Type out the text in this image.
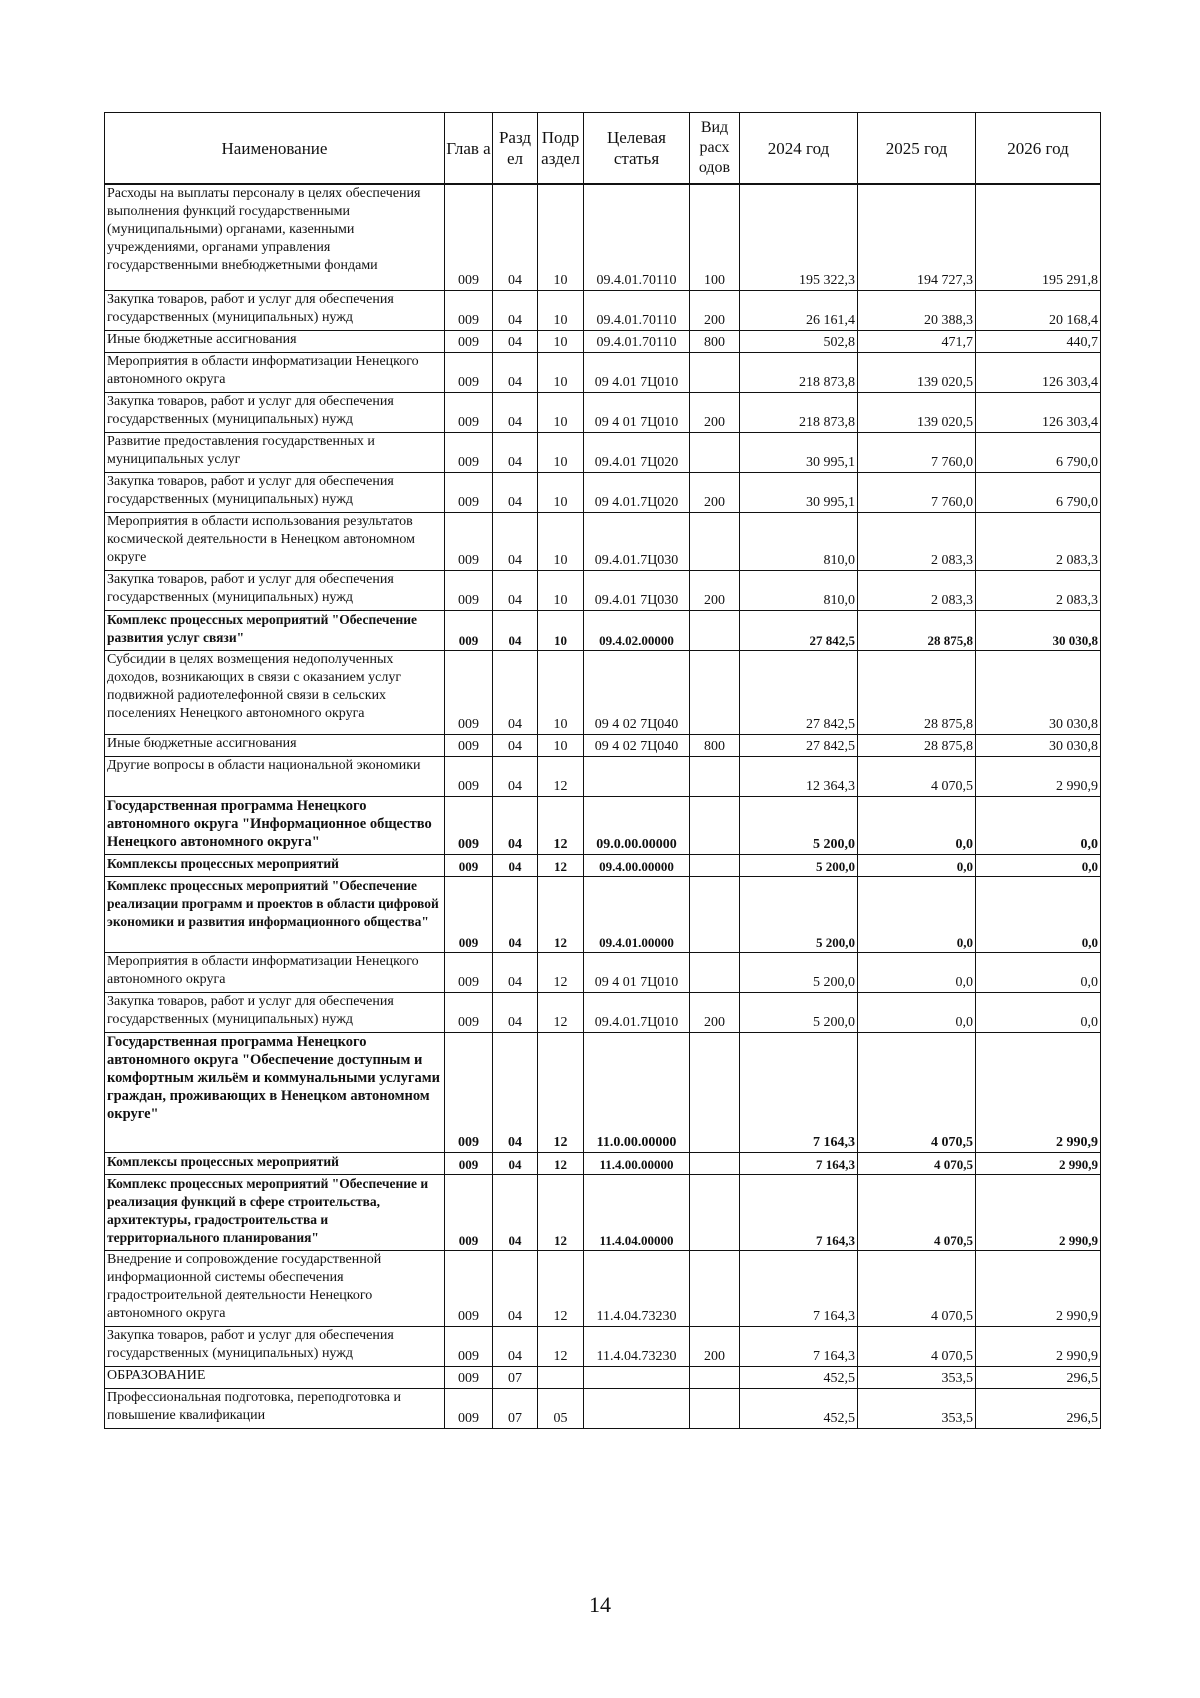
Наименование	Глав а	Разд ел	Подр аздел	Целевая статья	Вид расх одов	2024 год	2025 год	2026 год
Расходы на выплаты персоналу в целях обеспечения выполнения функций государственными (муниципальными) органами, казенными учреждениями, органами управления государственными внебюджетными фондами	009	04	10	09.4.01.70110	100	195 322,3	194 727,3	195 291,8
Закупка товаров, работ и услуг для обеспечения государственных (муниципальных) нужд	009	04	10	09.4.01.70110	200	26 161,4	20 388,3	20 168,4
Иные бюджетные ассигнования	009	04	10	09.4.01.70110	800	502,8	471,7	440,7
Мероприятия в области информатизации Ненецкого автономного округа	009	04	10	09 4.01 7Ц010		218 873,8	139 020,5	126 303,4
Закупка товаров, работ и услуг для обеспечения государственных (муниципальных) нужд	009	04	10	09 4 01 7Ц010	200	218 873,8	139 020,5	126 303,4
Развитие предоставления государственных и муниципальных услуг	009	04	10	09.4.01 7Ц020		30 995,1	7 760,0	6 790,0
Закупка товаров, работ и услуг для обеспечения государственных (муниципальных) нужд	009	04	10	09 4.01.7Ц020	200	30 995,1	7 760,0	6 790,0
Мероприятия в области использования результатов космической деятельности в Ненецком автономном округе	009	04	10	09.4.01.7Ц030		810,0	2 083,3	2 083,3
Закупка товаров, работ и услуг для обеспечения государственных (муниципальных) нужд	009	04	10	09.4.01 7Ц030	200	810,0	2 083,3	2 083,3
Комплекс процессных мероприятий "Обеспечение развития услуг связи"	009	04	10	09.4.02.00000		27 842,5	28 875,8	30 030,8
Субсидии в целях возмещения недополученных доходов, возникающих в связи с оказанием услуг подвижной радиотелефонной связи в сельских поселениях Ненецкого автономного округа	009	04	10	09 4 02 7Ц040		27 842,5	28 875,8	30 030,8
Иные бюджетные ассигнования	009	04	10	09 4 02 7Ц040	800	27 842,5	28 875,8	30 030,8
Другие вопросы в области национальной экономики	009	04	12			12 364,3	4 070,5	2 990,9
Государственная программа Ненецкого автономного округа "Информационное общество Ненецкого автономного округа"	009	04	12	09.0.00.00000		5 200,0	0,0	0,0
Комплексы процессных мероприятий	009	04	12	09.4.00.00000		5 200,0	0,0	0,0
Комплекс процессных мероприятий "Обеспечение реализации программ и проектов в области цифровой экономики и развития информационного общества"	009	04	12	09.4.01.00000		5 200,0	0,0	0,0
Мероприятия в области информатизации Ненецкого автономного округа	009	04	12	09 4 01 7Ц010		5 200,0	0,0	0,0
Закупка товаров, работ и услуг для обеспечения государственных (муниципальных) нужд	009	04	12	09.4.01.7Ц010	200	5 200,0	0,0	0,0
Государственная программа Ненецкого автономного округа "Обеспечение доступным и комфортным жильём и коммунальными услугами граждан, проживающих в Ненецком автономном округе"	009	04	12	11.0.00.00000		7 164,3	4 070,5	2 990,9
Комплексы процессных мероприятий	009	04	12	11.4.00.00000		7 164,3	4 070,5	2 990,9
Комплекс процессных мероприятий "Обеспечение и реализация функций в сфере строительства, архитектуры, градостроительства и территориального планирования"	009	04	12	11.4.04.00000		7 164,3	4 070,5	2 990,9
Внедрение и сопровождение государственной информационной системы обеспечения градостроительной деятельности Ненецкого автономного округа	009	04	12	11.4.04.73230		7 164,3	4 070,5	2 990,9
Закупка товаров, работ и услуг для обеспечения государственных (муниципальных) нужд	009	04	12	11.4.04.73230	200	7 164,3	4 070,5	2 990,9
ОБРАЗОВАНИЕ	009	07				452,5	353,5	296,5
Профессиональная подготовка, переподготовка и повышение квалификации	009	07	05			452,5	353,5	296,5
14
